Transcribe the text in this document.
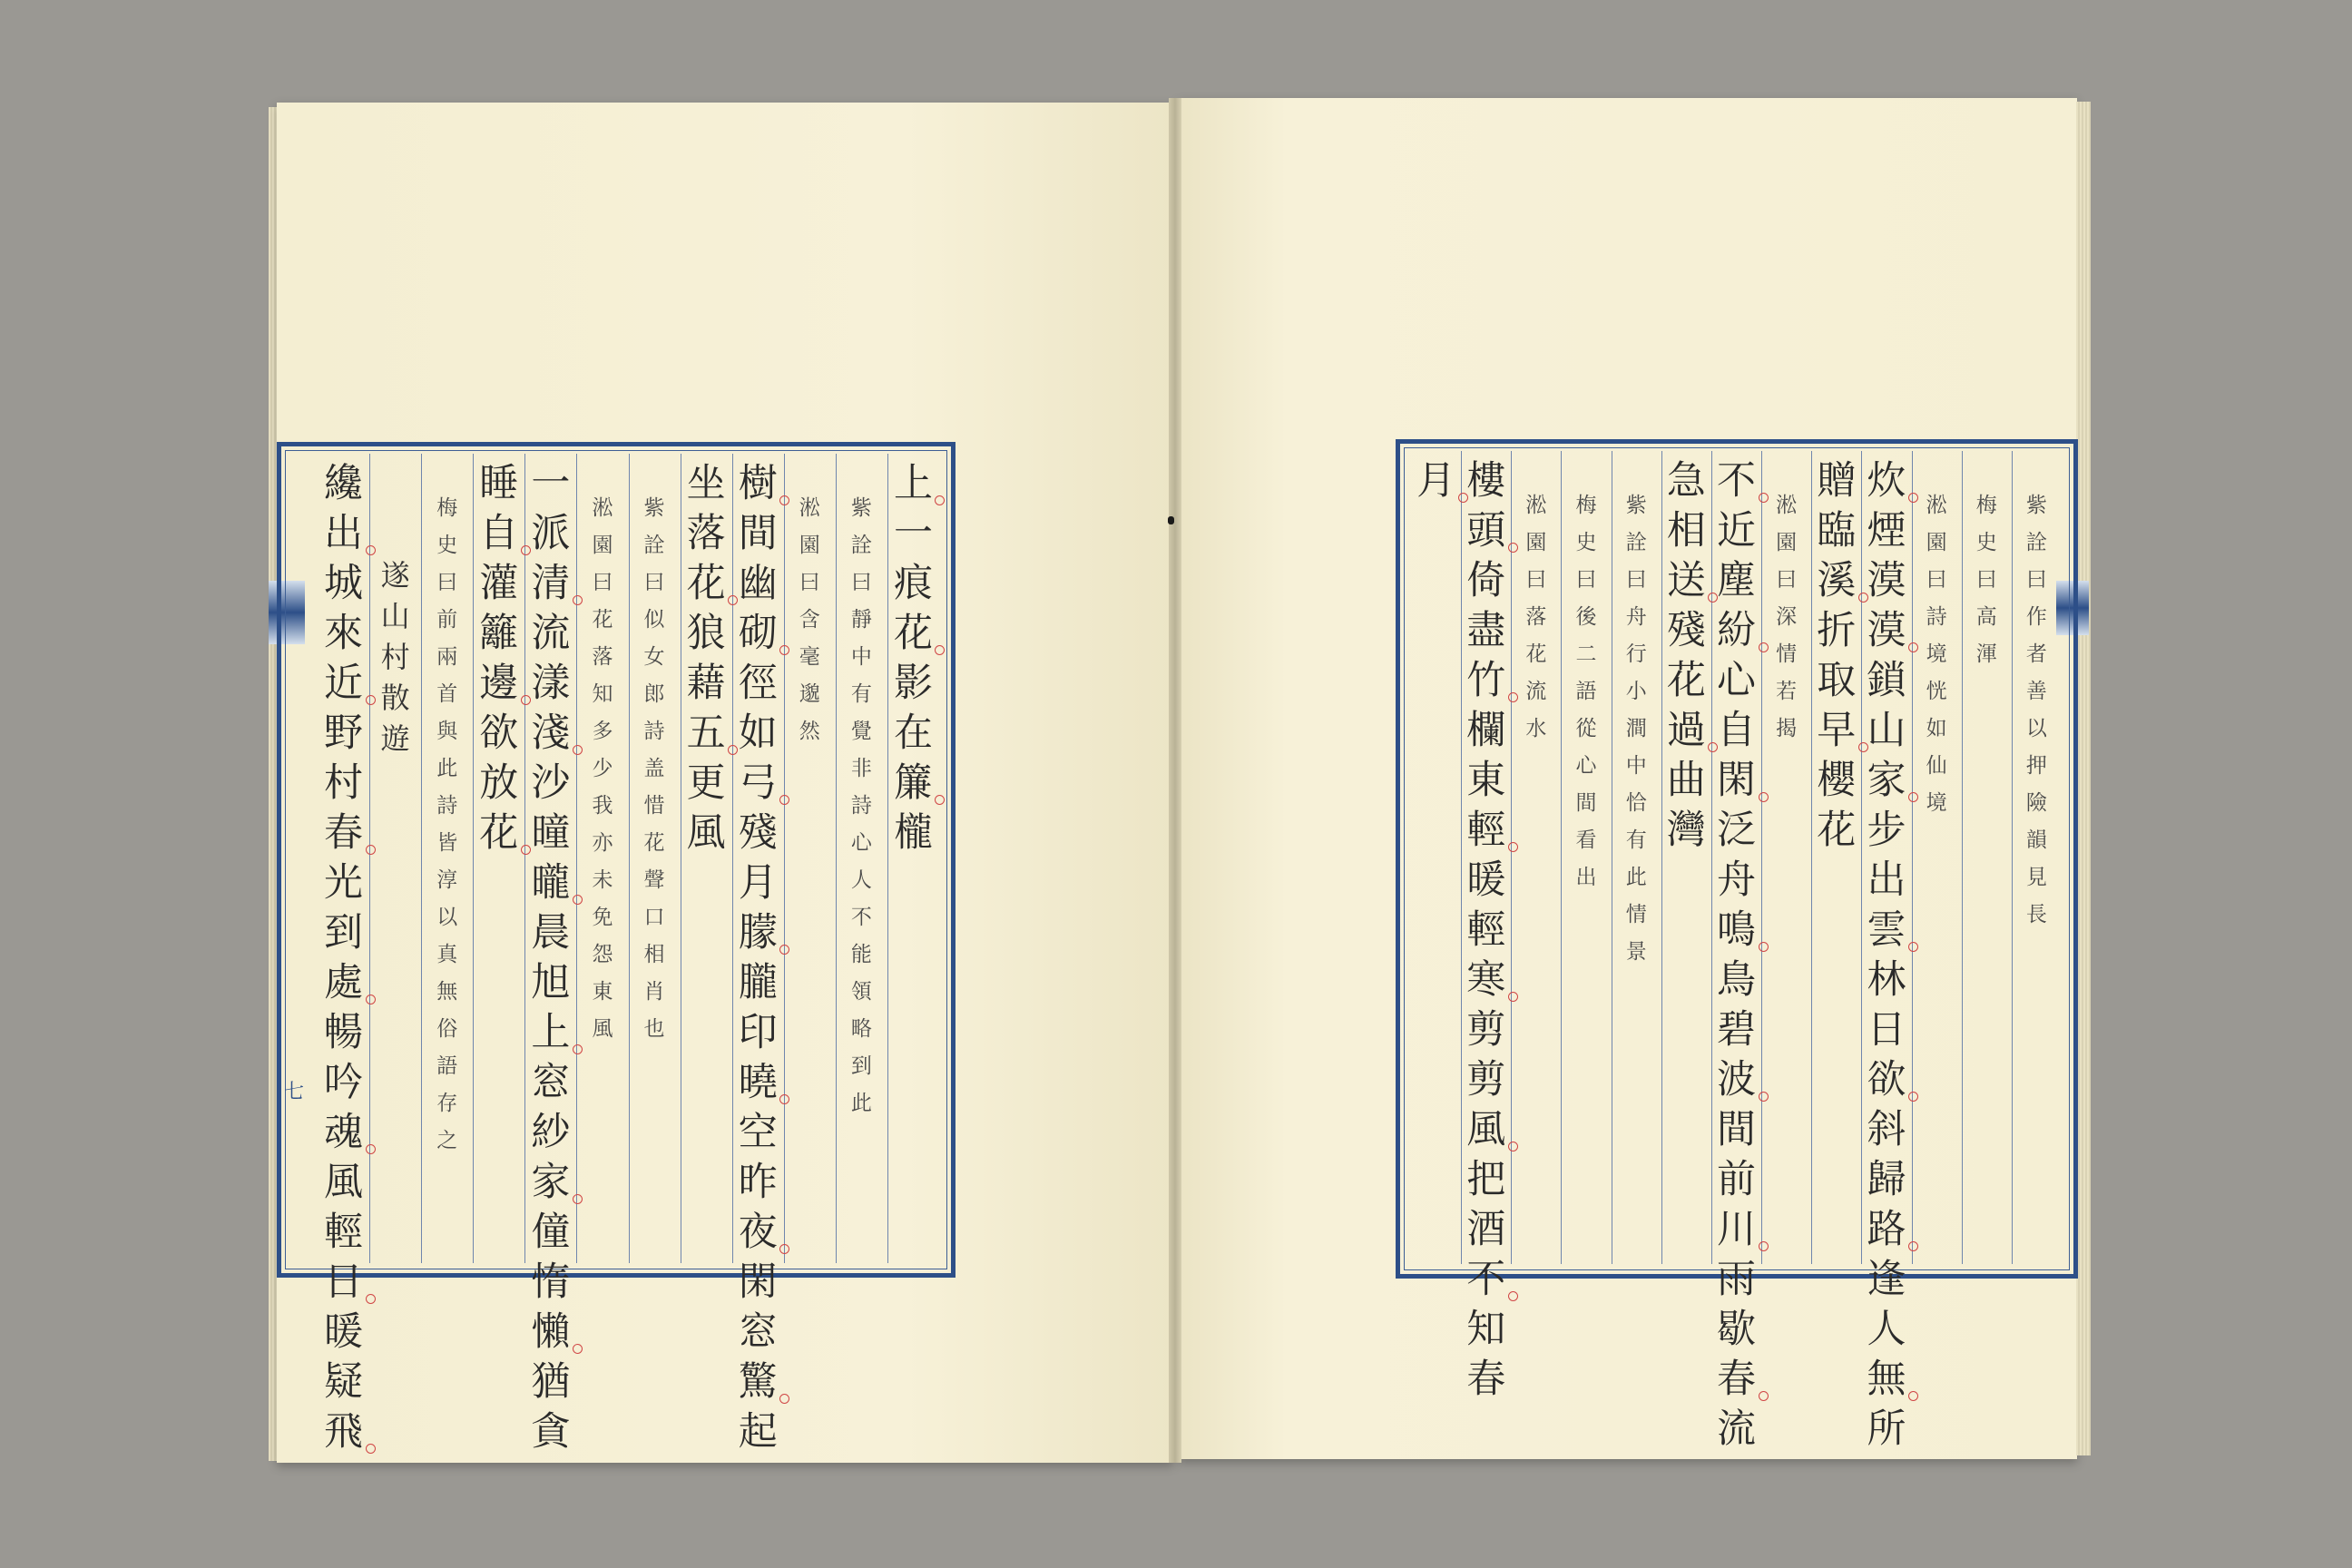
七
上
一
痕
花
影
在
簾
櫳
紫
詮
曰
靜
中
有
覺
非
詩
心
人
不
能
領
略
到
此
淞
園
曰
含
毫
邈
然
樹
間
幽
砌
徑
如
弓
殘
月
朦
朧
印
曉
空
昨
夜
閑
窓
驚
起
坐
落
花
狼
藉
五
更
風
紫
詮
曰
似
女
郎
詩
盖
惜
花
聲
口
相
肖
也
淞
園
曰
花
落
知
多
少
我
亦
未
免
怨
東
風
一
派
清
流
漾
淺
沙
曈
曨
晨
旭
上
窓
紗
家
僮
惰
懶
猶
貪
睡
自
灌
籬
邊
欲
放
花
梅
史
曰
前
兩
首
與
此
詩
皆
淳
以
真
無
俗
語
存
之
遂
山
村
散
遊
纔
出
城
來
近
野
村
春
光
到
處
暢
吟
魂
風
輕
日
暖
疑
飛
紫
詮
曰
作
者
善
以
押
險
韻
見
長
梅
史
曰
高
渾
淞
園
曰
詩
境
恍
如
仙
境
炊
煙
漠
漠
鎖
山
家
步
出
雲
林
日
欲
斜
歸
路
逢
人
無
所
贈
臨
溪
折
取
早
櫻
花
淞
園
曰
深
情
若
揭
不
近
塵
紛
心
自
閑
泛
舟
鳴
鳥
碧
波
間
前
川
雨
歇
春
流
急
相
送
殘
花
過
曲
灣
紫
詮
曰
舟
行
小
澗
中
恰
有
此
情
景
梅
史
曰
後
二
語
從
心
間
看
出
淞
園
曰
落
花
流
水
樓
頭
倚
盡
竹
欄
東
輕
暖
輕
寒
剪
剪
風
把
酒
不
知
春
月
